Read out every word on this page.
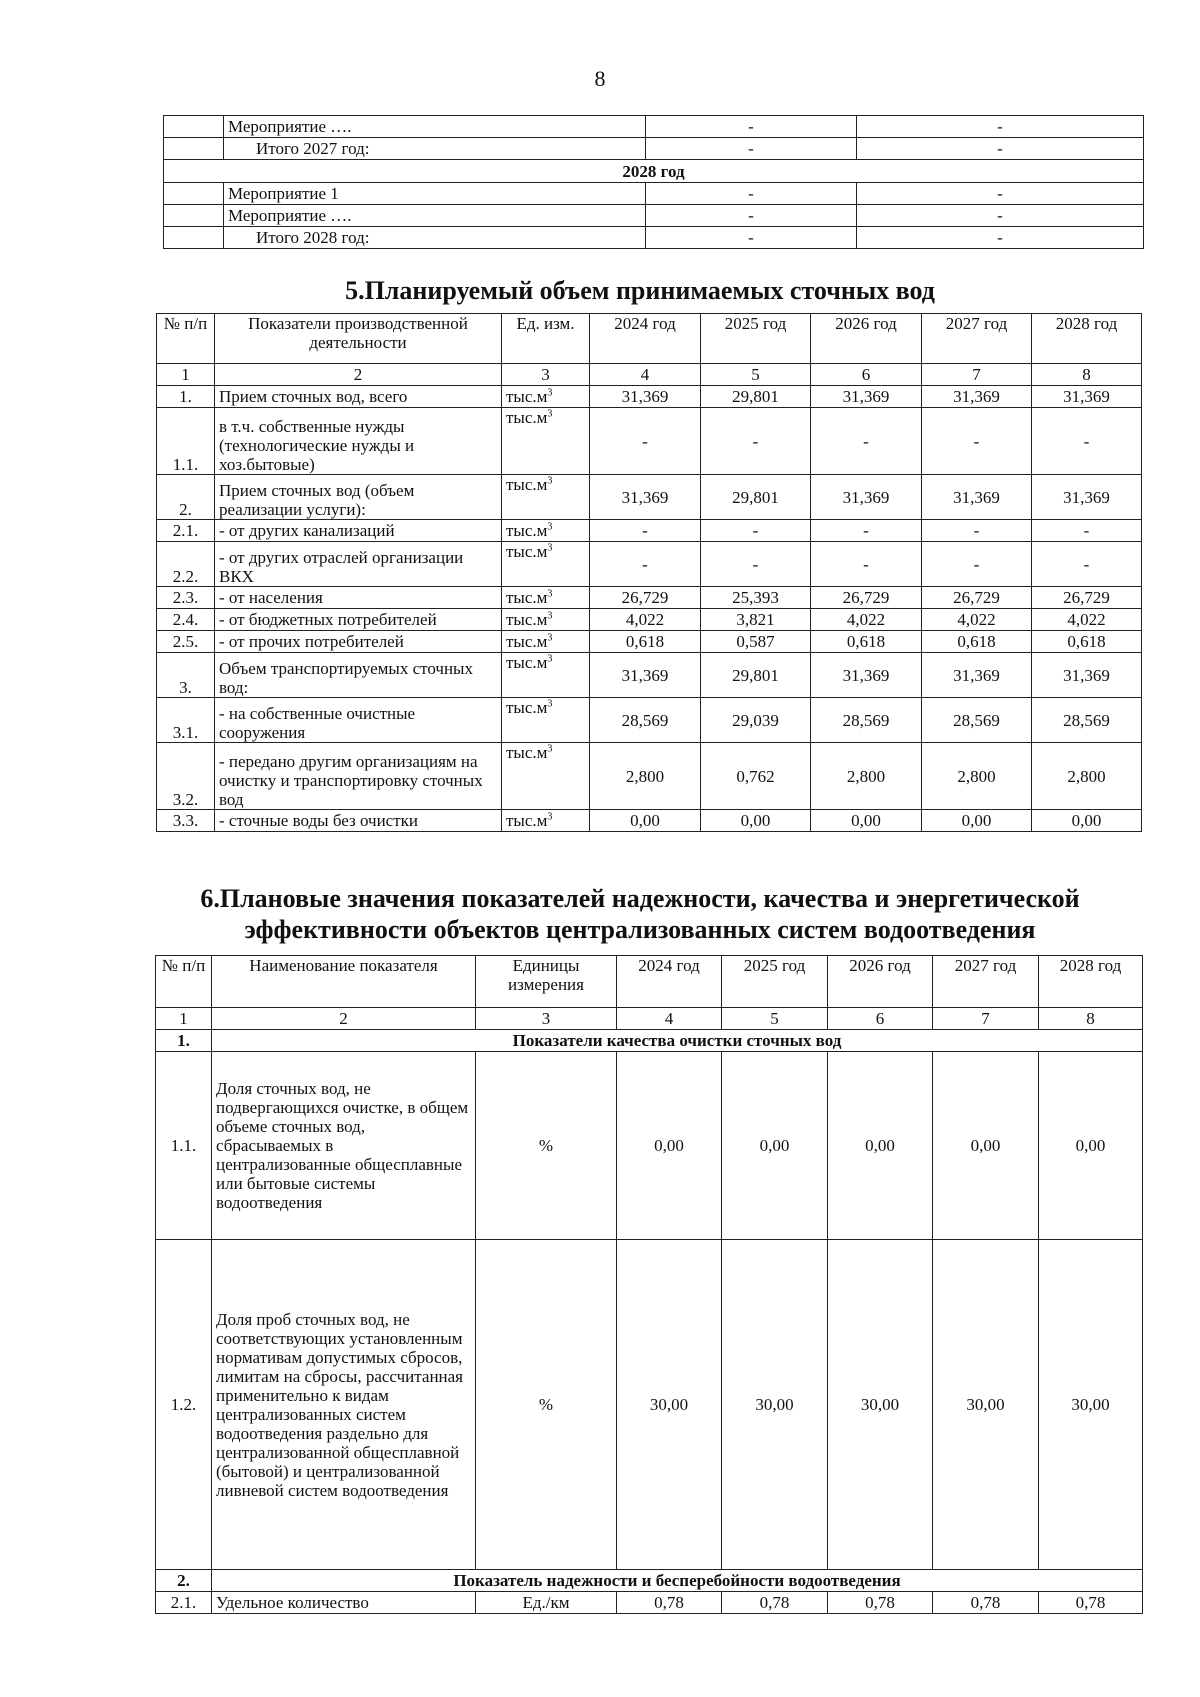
8
	Мероприятие ….	-	-
	Итого 2027 год:	-	-
2028 год			
	Мероприятие 1	-	-
	Мероприятие ….	-	-
	Итого 2028 год:	-	-
5.Планируемый объем принимаемых сточных вод
№ п/п	Показатели производственной деятельности	Ед. изм.	2024 год	2025 год	2026 год	2027 год	2028 год
1	2	3	4	5	6	7	8
1.	Прием сточных вод, всего	$тыс.м^3$	31,369	29,801	31,369	31,369	31,369
1.1.	в т.ч. собственные нужды (технологические нужды и хоз.бытовые)	$тыс.м^3$	-	-	-	-	-
2.	Прием сточных вод (объем реализации услуги):	$тыс.м^3$	31,369	29,801	31,369	31,369	31,369
2.1.	- от других канализаций	$тыс.м^3$	-	-	-	-	-
2.2.	- от других отраслей организации ВКХ	$тыс.м^3$	-	-	-	-	-
2.3.	- от населения	$тыс.м^3$	26,729	25,393	26,729	26,729	26,729
2.4.	- от бюджетных потребителей	$тыс.м^3$	4,022	3,821	4,022	4,022	4,022
2.5.	- от прочих потребителей	$тыс.м^3$	0,618	0,587	0,618	0,618	0,618
3.	Объем транспортируемых сточных вод:	$тыс.м^3$	31,369	29,801	31,369	31,369	31,369
3.1.	- на собственные очистные сооружения	$тыс.м^3$	28,569	29,039	28,569	28,569	28,569
3.2.	- передано другим организациям на очистку и транспортировку сточных вод	$тыс.м^3$	2,800	0,762	2,800	2,800	2,800
3.3.	- сточные воды без очистки	$тыс.м^3$	0,00	0,00	0,00	0,00	0,00
6.Плановые значения показателей надежности, качества и энергетической эффективности объектов централизованных систем водоотведения
№ п/п	Наименование показателя	Единицы измерения	2024 год	2025 год	2026 год	2027 год	2028 год
1	2	3	4	5	6	7	8
1.	Показатели качества очистки сточных вод						
1.1.	Доля сточных вод, не подвергающихся очистке, в общем объеме сточных вод, сбрасываемых в централизованные общесплавные или бытовые системы водоотведения	%	0,00	0,00	0,00	0,00	0,00
1.2.	Доля проб сточных вод, не соответствующих установленным нормативам допустимых сбросов, лимитам на сбросы, рассчитанная применительно к видам централизованных систем водоотведения раздельно для централизованной общесплавной (бытовой) и централизованной ливневой систем водоотведения	%	30,00	30,00	30,00	30,00	30,00
2.	Показатель надежности и бесперебойности водоотведения						
2.1.	Удельное количество	Ед./км	0,78	0,78	0,78	0,78	0,78
